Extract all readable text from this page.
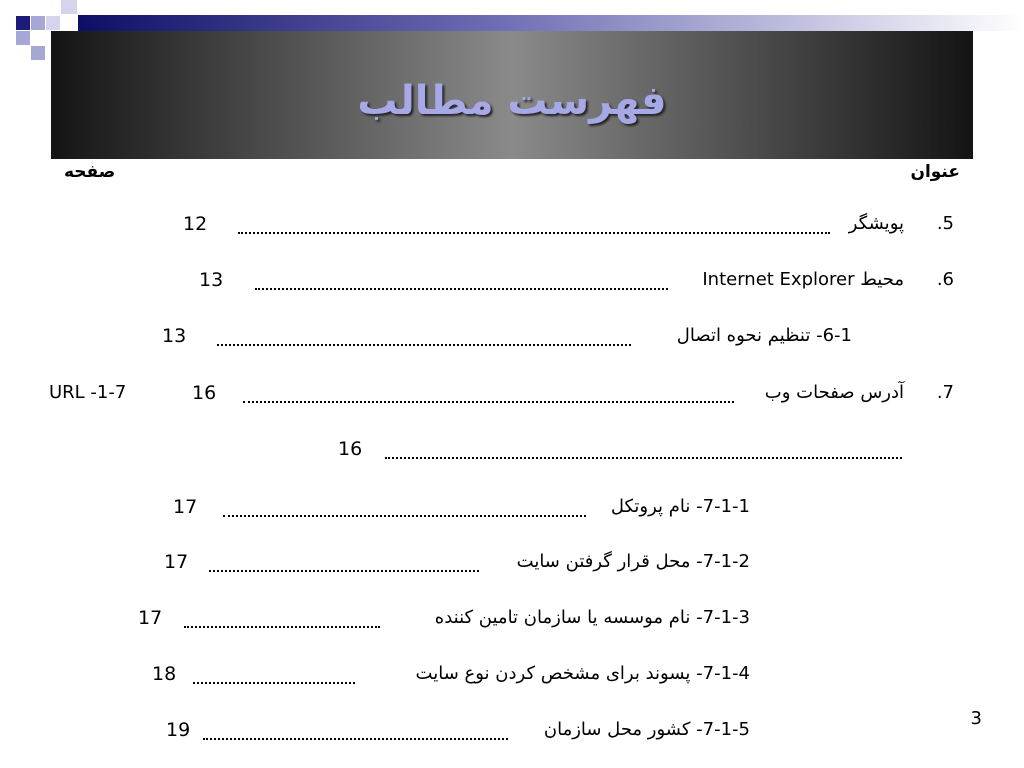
فهرست مطالب
عنوان
صفحه
.5
پویشگر
12
.6
محیط Internet Explorer
13
6-1- تنظیم نحوه اتصال
13
.7
آدرس صفحات وب
16
URL -1-7
16
7-1-1- نام پروتکل
17
7-1-2- محل قرار گرفتن سایت
17
7-1-3- نام موسسه یا سازمان تامین کننده
17
7-1-4- پسوند برای مشخص کردن نوع سایت
18
7-1-5- کشور محل سازمان
19
3
